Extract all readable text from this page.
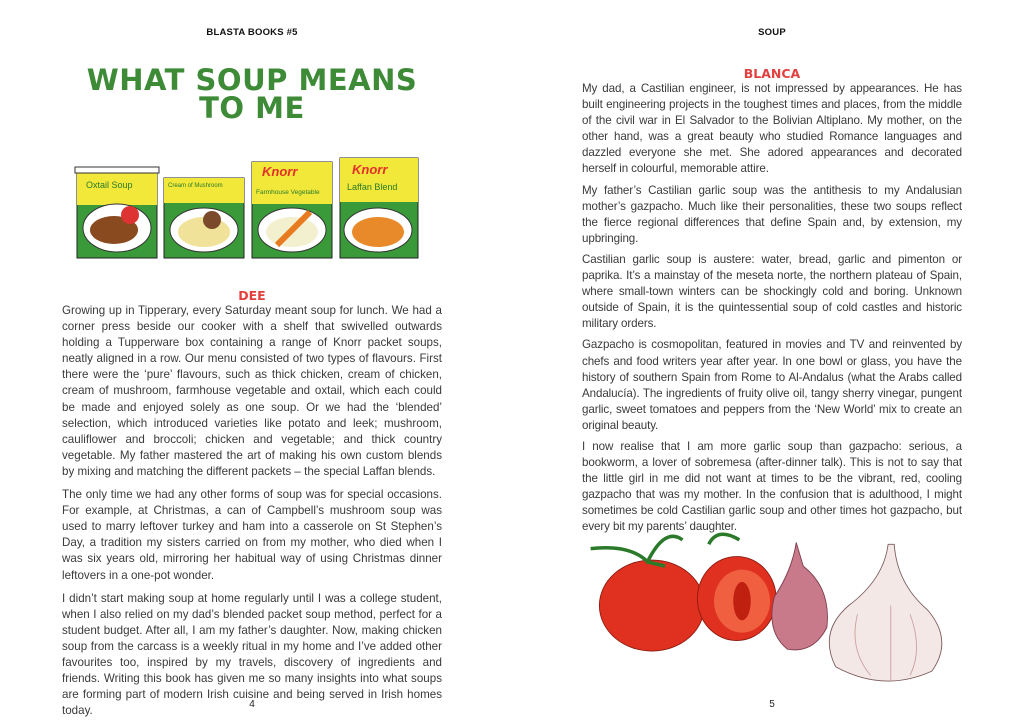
BLASTA BOOKS #5	SOUP
WHAT SOUP MEANS
TO ME
Oxtail Soup	Cream of Mushroom
Knorr
Farmhouse Vegetable
Knorr
Laffan Blend
DEE

Growing up in Tipperary, every Saturday meant soup for lunch. We had a corner press beside our cooker with a shelf that swivelled outwards holding a Tupperware box containing a range of Knorr packet soups, neatly aligned in a row. Our menu consisted of two types of flavours. First there were the ‘pure’ flavours, such as thick chicken, cream of chicken, cream of mushroom, farmhouse vegetable and oxtail, which each could be made and enjoyed solely as one soup. Or we had the ‘blended’ selection, which introduced varieties like potato and leek; mushroom, cauliflower and broccoli; chicken and vegetable; and thick country vegetable. My father mastered the art of making his own custom blends by mixing and matching the different packets – the special Laffan blends.

The only time we had any other forms of soup was for special occasions. For example, at Christmas, a can of Campbell’s mushroom soup was used to marry leftover turkey and ham into a casserole on St Stephen’s Day, a tradition my sisters carried on from my mother, who died when I was six years old, mirroring her habitual way of using Christmas dinner leftovers in a one-pot wonder.

I didn’t start making soup at home regularly until I was a college student, when I also relied on my dad’s blended packet soup method, perfect for a student budget. After all, I am my father’s daughter. Now, making chicken soup from the carcass is a weekly ritual in my home and I’ve added other favourites too, inspired by my travels, discovery of ingredients and friends. Writing this book has given me so many insights into what soups are forming part of modern Irish cuisine and being served in Irish homes today.

BLANCA

My dad, a Castilian engineer, is not impressed by appearances. He has built engineering projects in the toughest times and places, from the middle of the civil war in El Salvador to the Bolivian Altiplano. My mother, on the other hand, was a great beauty who studied Romance languages and dazzled everyone she met. She adored appearances and decorated herself in colourful, memorable attire.

My father’s Castilian garlic soup was the antithesis to my Andalusian mother’s gazpacho. Much like their personalities, these two soups reflect the fierce regional differences that define Spain and, by extension, my upbringing.

Castilian garlic soup is austere: water, bread, garlic and pimenton or paprika. It’s a mainstay of the meseta norte, the northern plateau of Spain, where small-town winters can be shockingly cold and boring. Unknown outside of Spain, it is the quintessential soup of cold castles and historic military orders.

Gazpacho is cosmopolitan, featured in movies and TV and reinvented by chefs and food writers year after year. In one bowl or glass, you have the history of southern Spain from Rome to Al-Andalus (what the Arabs called Andalucía). The ingredients of fruity olive oil, tangy sherry vinegar, pungent garlic, sweet tomatoes and peppers from the ‘New World’ mix to create an original beauty.

I now realise that I am more garlic soup than gazpacho: serious, a bookworm, a lover of sobremesa (after-dinner talk). This is not to say that the little girl in me did not want at times to be the vibrant, red, cooling gazpacho that was my mother. In the confusion that is adulthood, I might sometimes be cold Castilian garlic soup and other times hot gazpacho, but every bit my parents’ daughter.

4	5
